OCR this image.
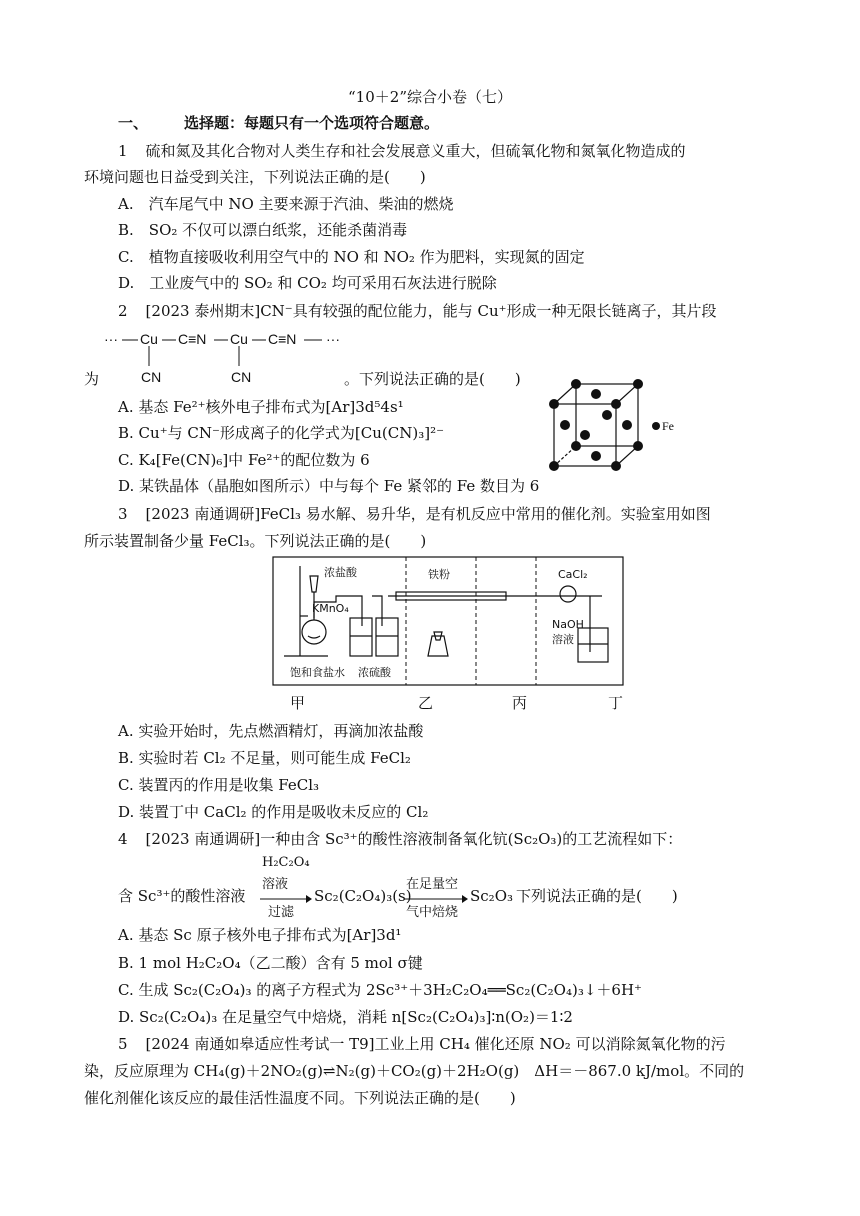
“10＋2”综合小卷（七）
一、 选择题：每题只有一个选项符合题意。
1 硫和氮及其化合物对人类生存和社会发展意义重大，但硫氧化物和氮氧化物造成的
环境问题也日益受到关注，下列说法正确的是(　　)
A.　汽车尾气中 NO 主要来源于汽油、柴油的燃烧
B.　SO₂ 不仅可以漂白纸浆，还能杀菌消毒
C.　植物直接吸收利用空气中的 NO 和 NO₂ 作为肥料，实现氮的固定
D.　工业废气中的 SO₂ 和 CO₂ 均可采用石灰法进行脱除
2 [2023 泰州期末]CN⁻具有较强的配位能力，能与 Cu⁺形成一种无限长链离子，其片段
··· Cu C≡N Cu C≡N ···
CN	CN
为	。下列说法正确的是(　　)
A. 基态 Fe²⁺核外电子排布式为[Ar]3d⁵4s¹
B. Cu⁺与 CN⁻形成离子的化学式为[Cu(CN)₃]²⁻
C. K₄[Fe(CN)₆]中 Fe²⁺的配位数为 6
D. 某铁晶体（晶胞如图所示）中与每个 Fe 紧邻的 Fe 数目为 6
Fe
3 [2023 南通调研]FeCl₃ 易水解、易升华，是有机反应中常用的催化剂。实验室用如图
所示装置制备少量 FeCl₃。下列说法正确的是(　　)
浓盐酸
KMnO₄
铁粉	CaCl₂
NaOH
溶液
饱和食盐水 浓硫酸
甲	乙	丙	丁
A. 实验开始时，先点燃酒精灯，再滴加浓盐酸
B. 实验时若 Cl₂ 不足量，则可能生成 FeCl₂
C. 装置丙的作用是收集 FeCl₃
D. 装置丁中 CaCl₂ 的作用是吸收未反应的 Cl₂
4 [2023 南通调研]一种由含 Sc³⁺的酸性溶液制备氧化钪(Sc₂O₃)的工艺流程如下：
H₂C₂O₄
溶液
含 Sc³⁺的酸性溶液
过滤
Sc₂(C₂O₄)₃(s)
在足量空
气中焙烧
Sc₂O₃ 下列说法正确的是(　　)
A. 基态 Sc 原子核外电子排布式为[Ar]3d¹
B. 1 mol H₂C₂O₄（乙二酸）含有 5 mol σ键
C. 生成 Sc₂(C₂O₄)₃ 的离子方程式为 2Sc³⁺＋3H₂C₂O₄══Sc₂(C₂O₄)₃↓＋6H⁺
D. Sc₂(C₂O₄)₃ 在足量空气中焙烧，消耗 n[Sc₂(C₂O₄)₃]∶n(O₂)＝1∶2
5 [2024 南通如皋适应性考试一 T9]工业上用 CH₄ 催化还原 NO₂ 可以消除氮氧化物的污
染，反应原理为 CH₄(g)＋2NO₂(g)⇌N₂(g)＋CO₂(g)＋2H₂O(g)　ΔH＝－867.0 kJ/mol。不同的
催化剂催化该反应的最佳活性温度不同。下列说法正确的是(　　)
